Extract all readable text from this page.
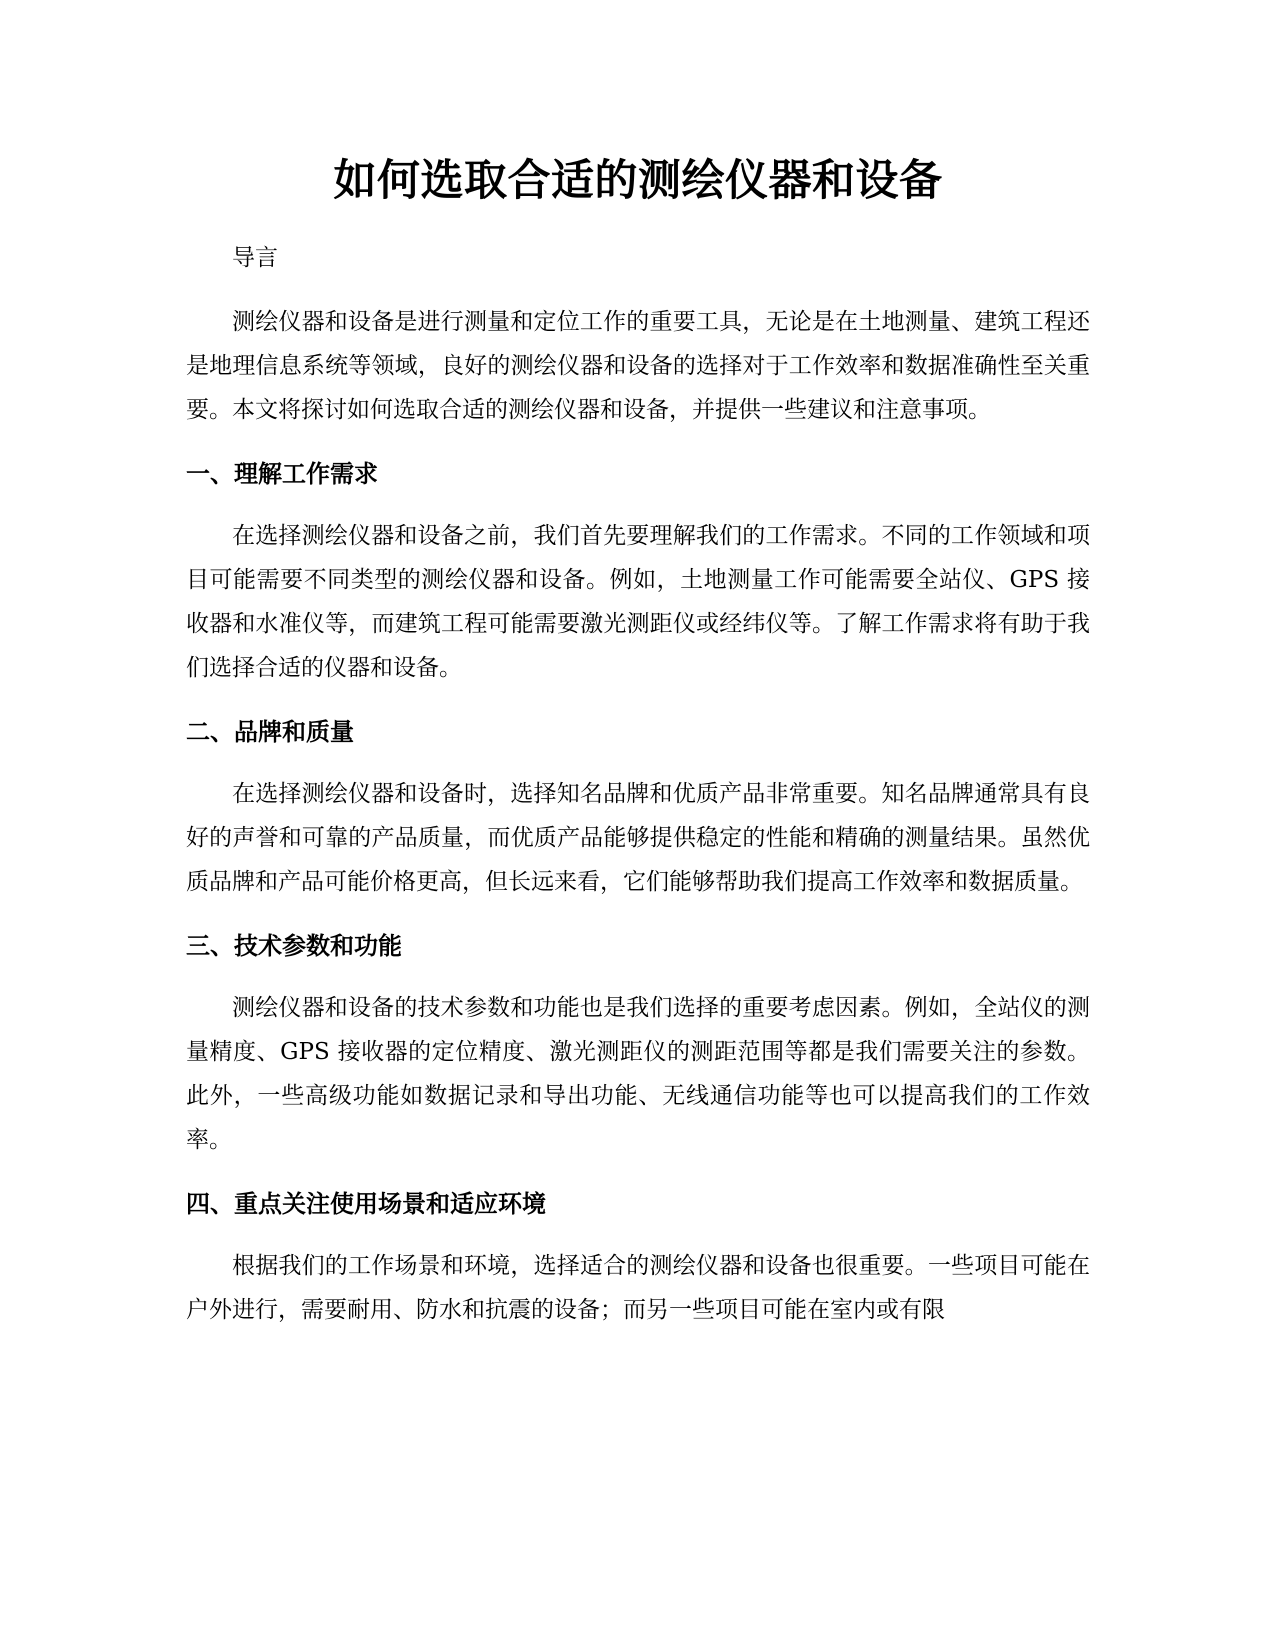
如何选取合适的测绘仪器和设备

导言

测绘仪器和设备是进行测量和定位工作的重要工具，无论是在土地测量、建筑工程还是地理信息系统等领域，良好的测绘仪器和设备的选择对于工作效率和数据准确性至关重要。本文将探讨如何选取合适的测绘仪器和设备，并提供一些建议和注意事项。

一、理解工作需求

在选择测绘仪器和设备之前，我们首先要理解我们的工作需求。不同的工作领域和项目可能需要不同类型的测绘仪器和设备。例如，土地测量工作可能需要全站仪、GPS 接收器和水准仪等，而建筑工程可能需要激光测距仪或经纬仪等。了解工作需求将有助于我们选择合适的仪器和设备。

二、品牌和质量

在选择测绘仪器和设备时，选择知名品牌和优质产品非常重要。知名品牌通常具有良好的声誉和可靠的产品质量，而优质产品能够提供稳定的性能和精确的测量结果。虽然优质品牌和产品可能价格更高，但长远来看，它们能够帮助我们提高工作效率和数据质量。

三、技术参数和功能

测绘仪器和设备的技术参数和功能也是我们选择的重要考虑因素。例如，全站仪的测量精度、GPS 接收器的定位精度、激光测距仪的测距范围等都是我们需要关注的参数。此外，一些高级功能如数据记录和导出功能、无线通信功能等也可以提高我们的工作效率。

四、重点关注使用场景和适应环境

根据我们的工作场景和环境，选择适合的测绘仪器和设备也很重要。一些项目可能在户外进行，需要耐用、防水和抗震的设备；而另一些项目可能在室内或有限
